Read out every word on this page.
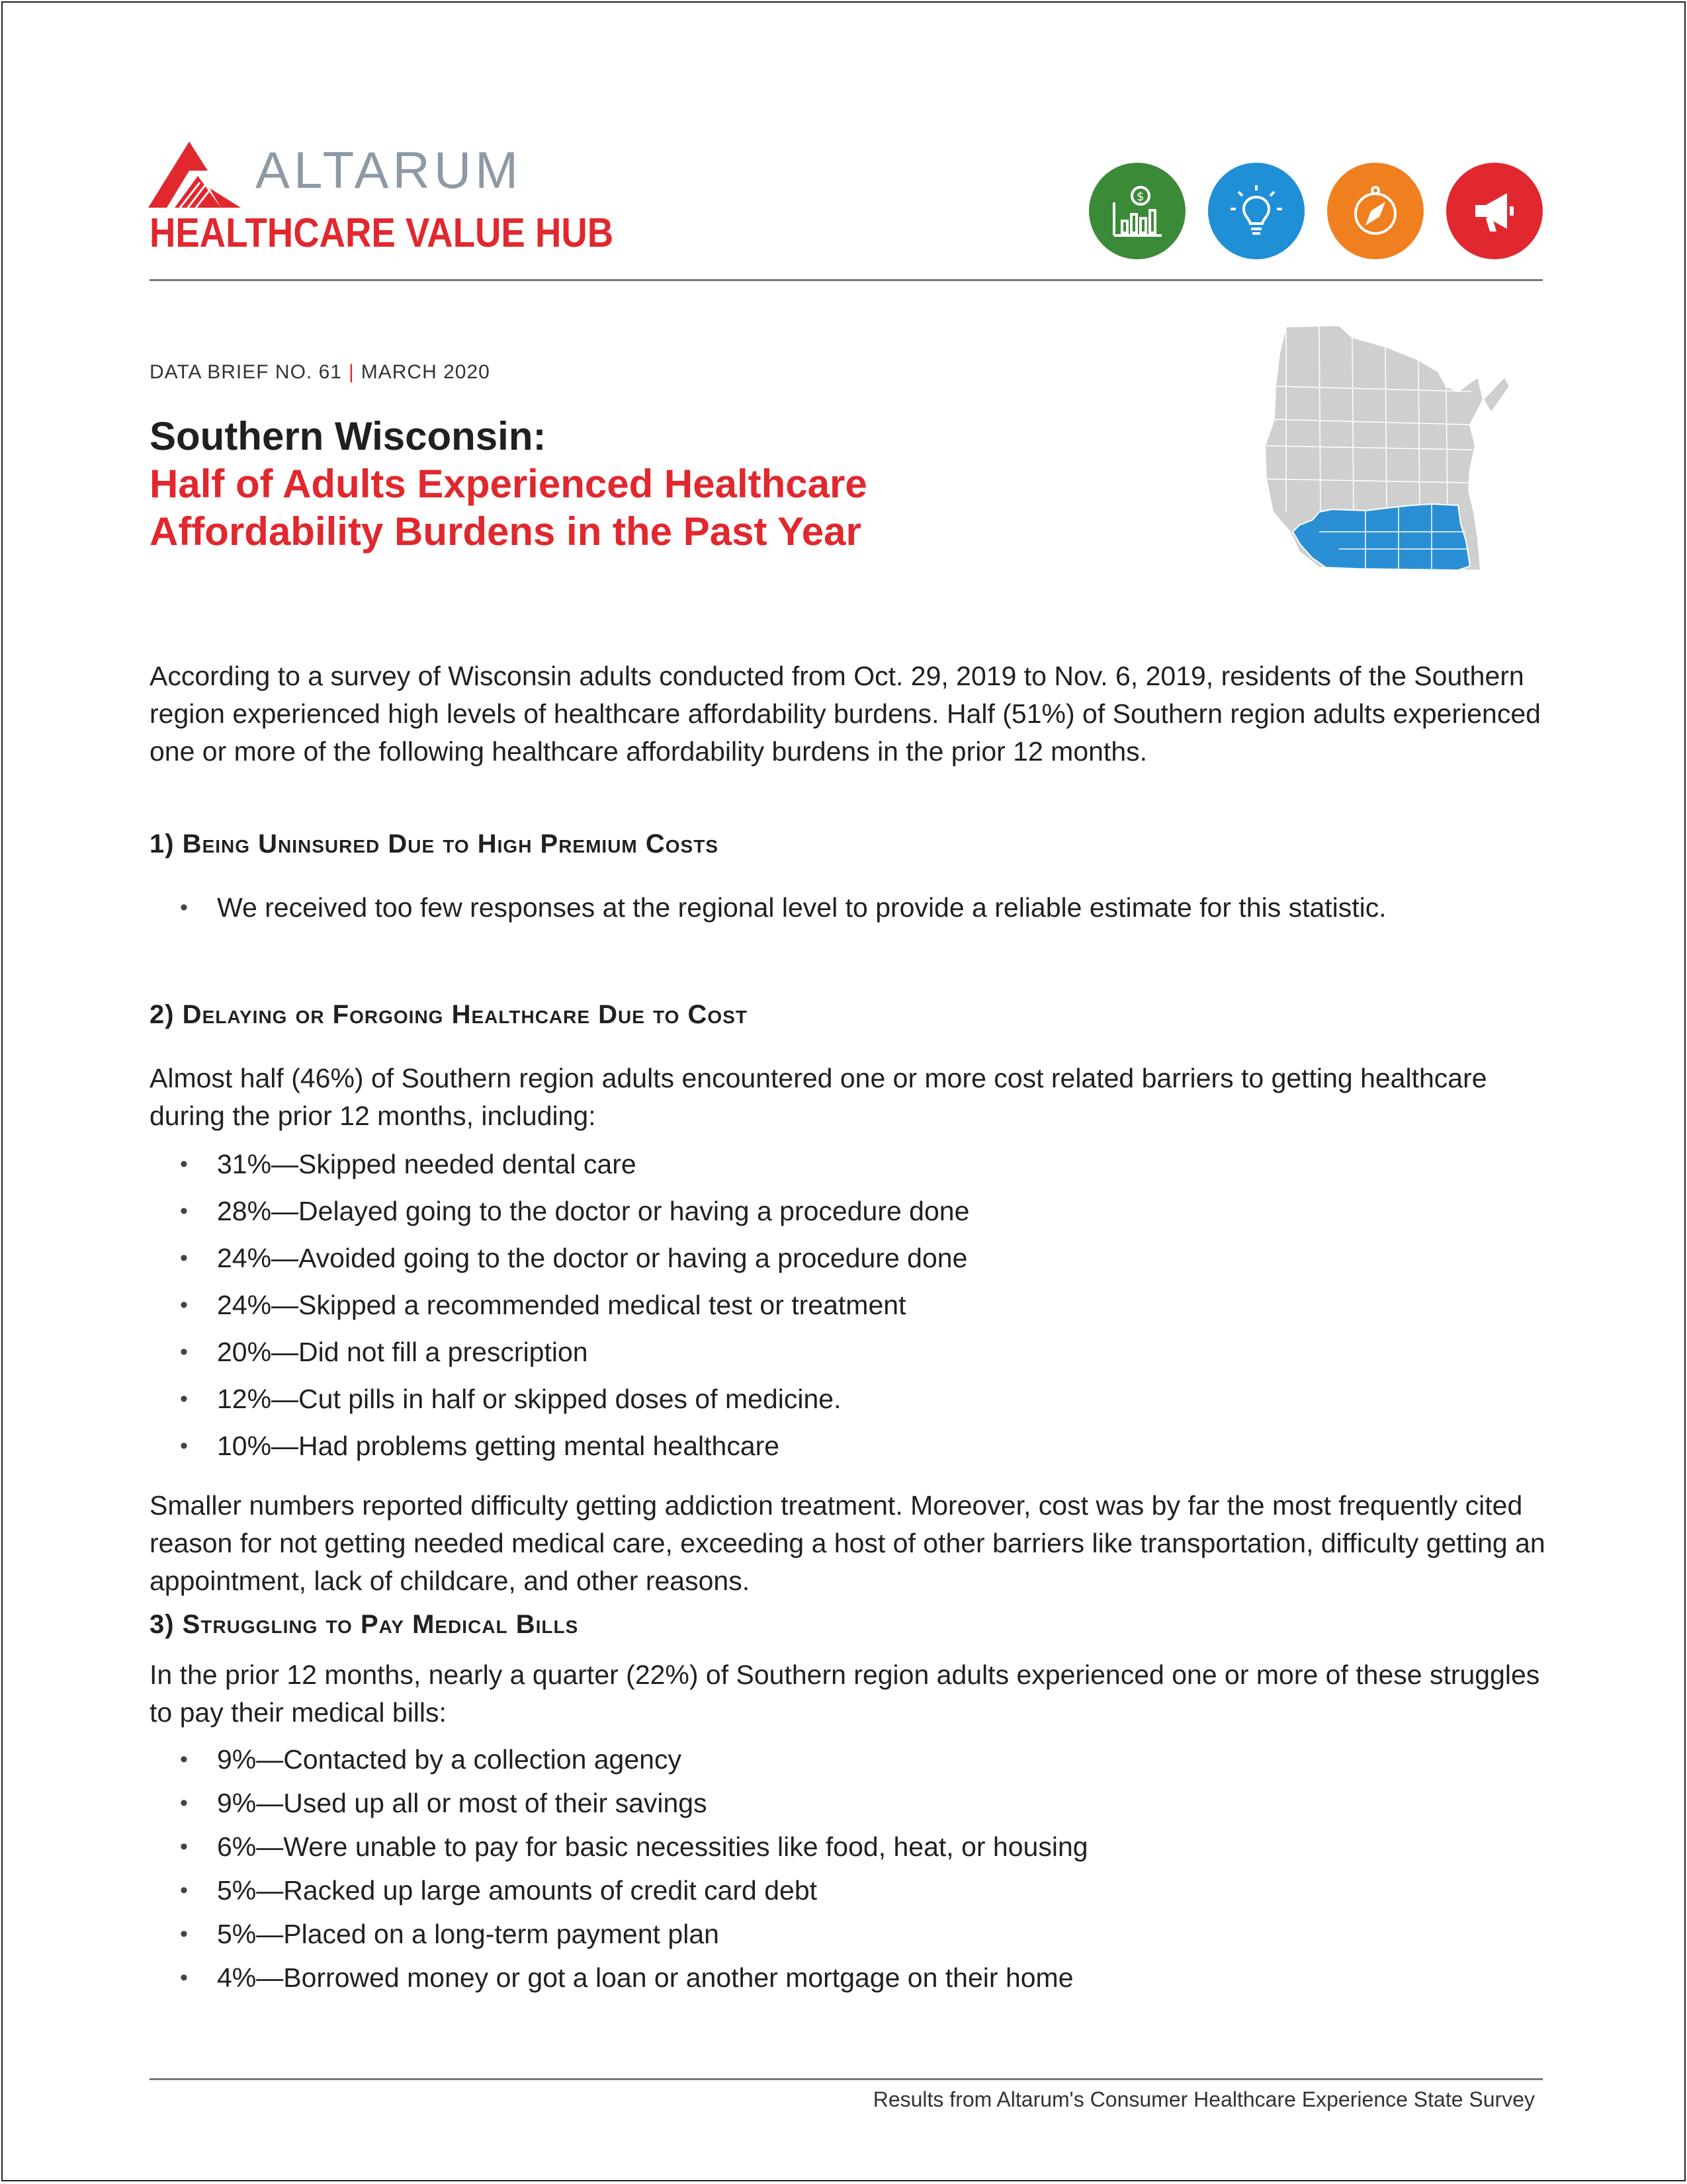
ALTARUM
HEALTHCARE VALUE HUB
$
DATA BRIEF NO. 61 | MARCH 2020
Southern Wisconsin:
Half of Adults Experienced Healthcare
Affordability Burdens in the Past Year

According to a survey of Wisconsin adults conducted from Oct. 29, 2019 to Nov. 6, 2019, residents of the Southern region experienced high levels of healthcare affordability burdens. Half (51%) of Southern region adults experienced one or more of the following healthcare affordability burdens in the prior 12 months.

1) Being Uninsured Due to High Premium Costs
• We received too few responses at the regional level to provide a reliable estimate for this statistic.
2) Delaying or Forgoing Healthcare Due to Cost

Almost half (46%) of Southern region adults encountered one or more cost related barriers to getting healthcare during the prior 12 months, including:

• 31%—Skipped needed dental care
• 28%—Delayed going to the doctor or having a procedure done
• 24%—Avoided going to the doctor or having a procedure done
• 24%—Skipped a recommended medical test or treatment
• 20%—Did not fill a prescription
• 12%—Cut pills in half or skipped doses of medicine.
• 10%—Had problems getting mental healthcare

Smaller numbers reported difficulty getting addiction treatment. Moreover, cost was by far the most frequently cited reason for not getting needed medical care, exceeding a host of other barriers like transportation, difficulty getting an appointment, lack of childcare, and other reasons.

3) Struggling to Pay Medical Bills

In the prior 12 months, nearly a quarter (22%) of Southern region adults experienced one or more of these struggles to pay their medical bills:

• 9%—Contacted by a collection agency
• 9%—Used up all or most of their savings
• 6%—Were unable to pay for basic necessities like food, heat, or housing
• 5%—Racked up large amounts of credit card debt
• 5%—Placed on a long-term payment plan
• 4%—Borrowed money or got a loan or another mortgage on their home
Results from Altarum's Consumer Healthcare Experience State Survey
